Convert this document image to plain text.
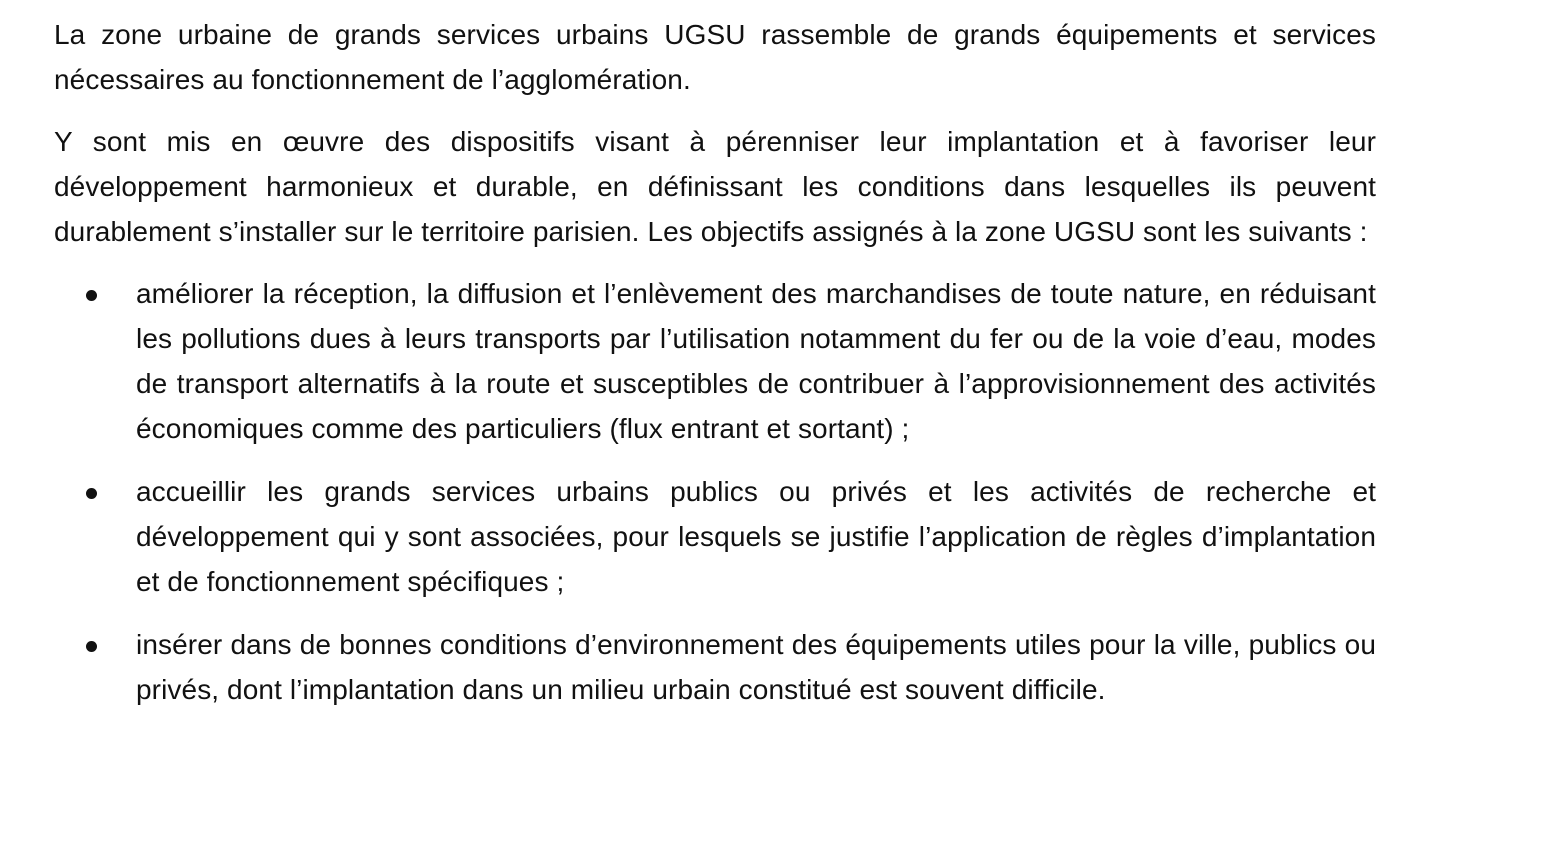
La zone urbaine de grands services urbains UGSU rassemble de grands équipements et services nécessaires au fonctionnement de l’agglomération.

Y sont mis en œuvre des dispositifs visant à pérenniser leur implantation et à favoriser leur développement harmonieux et durable, en définissant les conditions dans lesquelles ils peuvent durablement s’installer sur le territoire parisien. Les objectifs assignés à la zone UGSU sont les suivants :

améliorer la réception, la diffusion et l’enlèvement des marchandises de toute nature, en réduisant les pollutions dues à leurs transports par l’utilisation notamment du fer ou de la voie d’eau, modes de transport alternatifs à la route et susceptibles de contribuer à l’approvisionnement des activités économiques comme des particuliers (flux entrant et sortant) ;
accueillir les grands services urbains publics ou privés et les activités de recherche et développement qui y sont associées, pour lesquels se justifie l’application de règles d’implantation et de fonctionnement spécifiques ;
insérer dans de bonnes conditions d’environnement des équipements utiles pour la ville, publics ou privés, dont l’implantation dans un milieu urbain constitué est souvent difficile.
